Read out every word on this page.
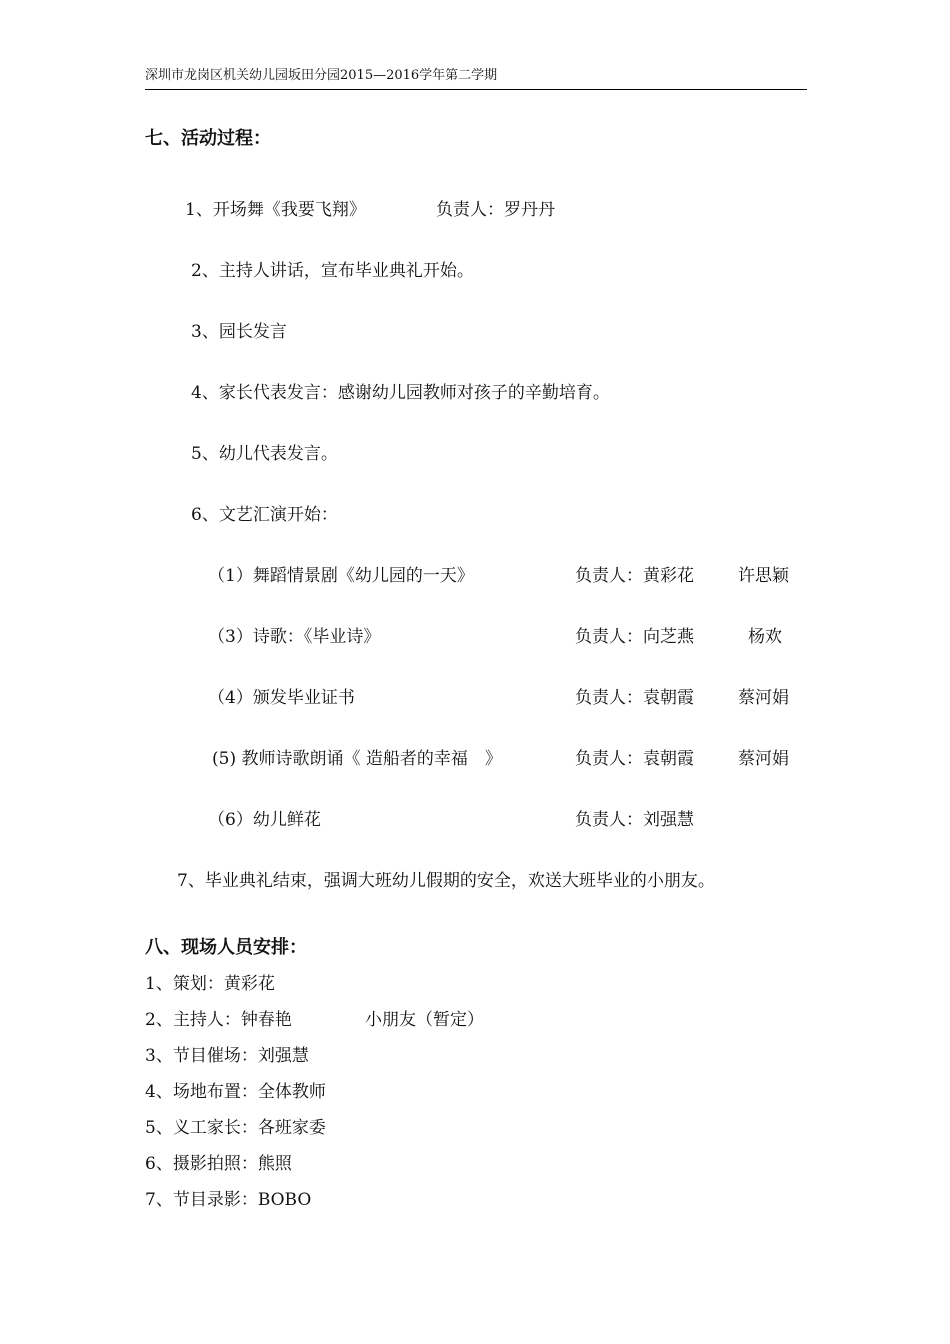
深圳市龙岗区机关幼儿园坂田分园2015—2016学年第二学期
七、活动过程：
1、开场舞《我要飞翔》	负责人：罗丹丹
2、主持人讲话，宣布毕业典礼开始。
3、园长发言
4、家长代表发言：感谢幼儿园教师对孩子的辛勤培育。
5、幼儿代表发言。
6、文艺汇演开始：
（1）舞蹈情景剧《幼儿园的一天》	负责人：黄彩花	许思颖
（3）诗歌：《毕业诗》	负责人：向芝燕	杨欢
（4）颁发毕业证书	负责人：袁朝霞	蔡河娟
(5) 教师诗歌朗诵《 造船者的幸福　》	负责人：袁朝霞	蔡河娟
（6）幼儿鲜花	负责人：刘强慧
7、毕业典礼结束，强调大班幼儿假期的安全，欢送大班毕业的小朋友。
八、现场人员安排：
1、策划：黄彩花
2、主持人：钟春艳	小朋友（暂定）
3、节目催场：刘强慧
4、场地布置：全体教师
5、义工家长：各班家委
6、摄影拍照：熊照
7、节目录影：BOBO
